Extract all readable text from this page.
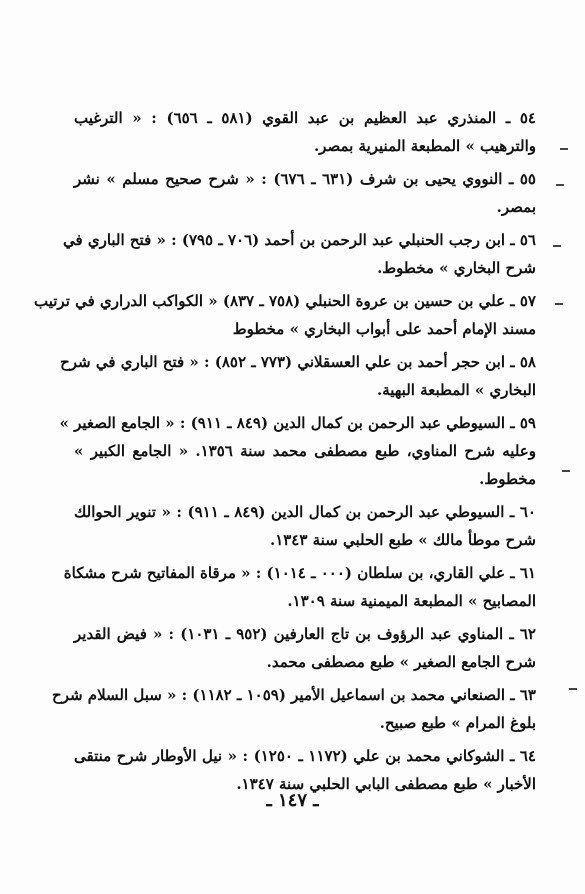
٥٤ ـ المنذري عبد العظيم بن عبد القوي (٥٨١ ـ ٦٥٦) : « الترغيب
والترهيب » المطبعة المنيرية بمصر.
٥٥ ـ النووي يحيى بن شرف (٦٣١ ـ ٦٧٦) : « شرح صحيح مسلم » نشر
بمصر.
٥٦ ـ ابن رجب الحنبلي عبد الرحمن بن أحمد (٧٠٦ ـ ٧٩٥) : « فتح الباري في
شرح البخاري » مخطوط.
٥٧ ـ علي بن حسين بن عروة الحنبلي (٧٥٨ ـ ٨٣٧) « الكواكب الدراري في ترتيب
مسند الإمام أحمد على أبواب البخاري » مخطوط
٥٨ ـ ابن حجر أحمد بن علي العسقلاني (٧٧٣ ـ ٨٥٢) : « فتح الباري في شرح
البخاري » المطبعة البهية.
٥٩ ـ السيوطي عبد الرحمن بن كمال الدين (٨٤٩ ـ ٩١١) : « الجامع الصغير »
وعليه شرح المناوي، طبع مصطفى محمد سنة ١٣٥٦. « الجامع الكبير »
مخطوط.
٦٠ ـ السيوطي عبد الرحمن بن كمال الدين (٨٤٩ ـ ٩١١) : « تنوير الحوالك
شرح موطأ مالك » طبع الحلبي سنة ١٣٤٣.
٦١ ـ علي القاري، بن سلطان (٠٠٠ ـ ١٠١٤) : « مرقاة المفاتيح شرح مشكاة
المصابيح » المطبعة الميمنية سنة ١٣٠٩.
٦٢ ـ المناوي عبد الرؤوف بن تاج العارفين (٩٥٢ ـ ١٠٣١) : « فيض القدير
شرح الجامع الصغير » طبع مصطفى محمد.
٦٣ ـ الصنعاني محمد بن اسماعيل الأمير (١٠٥٩ ـ ١١٨٢) : « سبل السلام شرح
بلوغ المرام » طبع صبيح.
٦٤ ـ الشوكاني محمد بن علي (١١٧٢ ـ ١٢٥٠) : « نيل الأوطار شرح منتقى
الأخبار » طبع مصطفى البابي الحلبي سنة ١٣٤٧.
ـ ١٤٧ ـ
